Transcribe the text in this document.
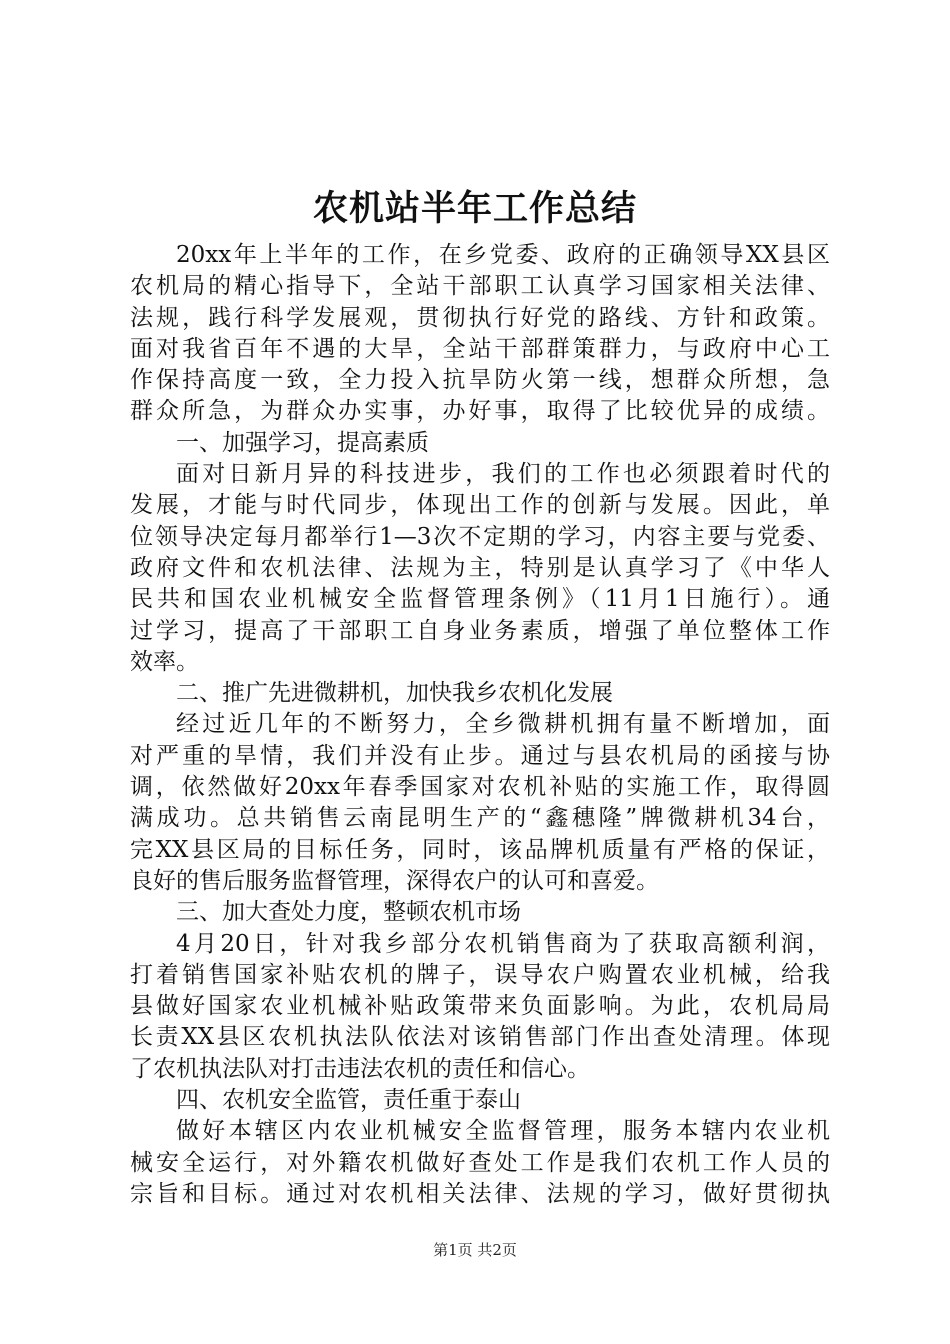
农机站半年工作总结
20xx年上半年的工作，在乡党委、政府的正确领导XX县区
农机局的精心指导下，全站干部职工认真学习国家相关法律、
法规，践行科学发展观，贯彻执行好党的路线、方针和政策。
面对我省百年不遇的大旱，全站干部群策群力，与政府中心工
作保持高度一致，全力投入抗旱防火第一线，想群众所想，急
群众所急，为群众办实事，办好事，取得了比较优异的成绩。
一、加强学习，提高素质
面对日新月异的科技进步，我们的工作也必须跟着时代的
发展，才能与时代同步，体现出工作的创新与发展。因此，单
位领导决定每月都举行1—3次不定期的学习，内容主要与党委、
政府文件和农机法律、法规为主，特别是认真学习了《中华人
民共和国农业机械安全监督管理条例》（11月1日施行）。通
过学习，提高了干部职工自身业务素质，增强了单位整体工作
效率。
二、推广先进微耕机，加快我乡农机化发展
经过近几年的不断努力，全乡微耕机拥有量不断增加，面
对严重的旱情，我们并没有止步。通过与县农机局的函接与协
调，依然做好20xx年春季国家对农机补贴的实施工作，取得圆
满成功。总共销售云南昆明生产的“鑫穗隆”牌微耕机34台，
完XX县区局的目标任务，同时，该品牌机质量有严格的保证，
良好的售后服务监督管理，深得农户的认可和喜爱。
三、加大查处力度，整顿农机市场
4月20日，针对我乡部分农机销售商为了获取高额利润，
打着销售国家补贴农机的牌子，误导农户购置农业机械，给我
县做好国家农业机械补贴政策带来负面影响。为此，农机局局
长责XX县区农机执法队依法对该销售部门作出查处清理。体现
了农机执法队对打击违法农机的责任和信心。
四、农机安全监管，责任重于泰山
做好本辖区内农业机械安全监督管理，服务本辖内农业机
械安全运行，对外籍农机做好查处工作是我们农机工作人员的
宗旨和目标。通过对农机相关法律、法规的学习，做好贯彻执
第1页 共2页
